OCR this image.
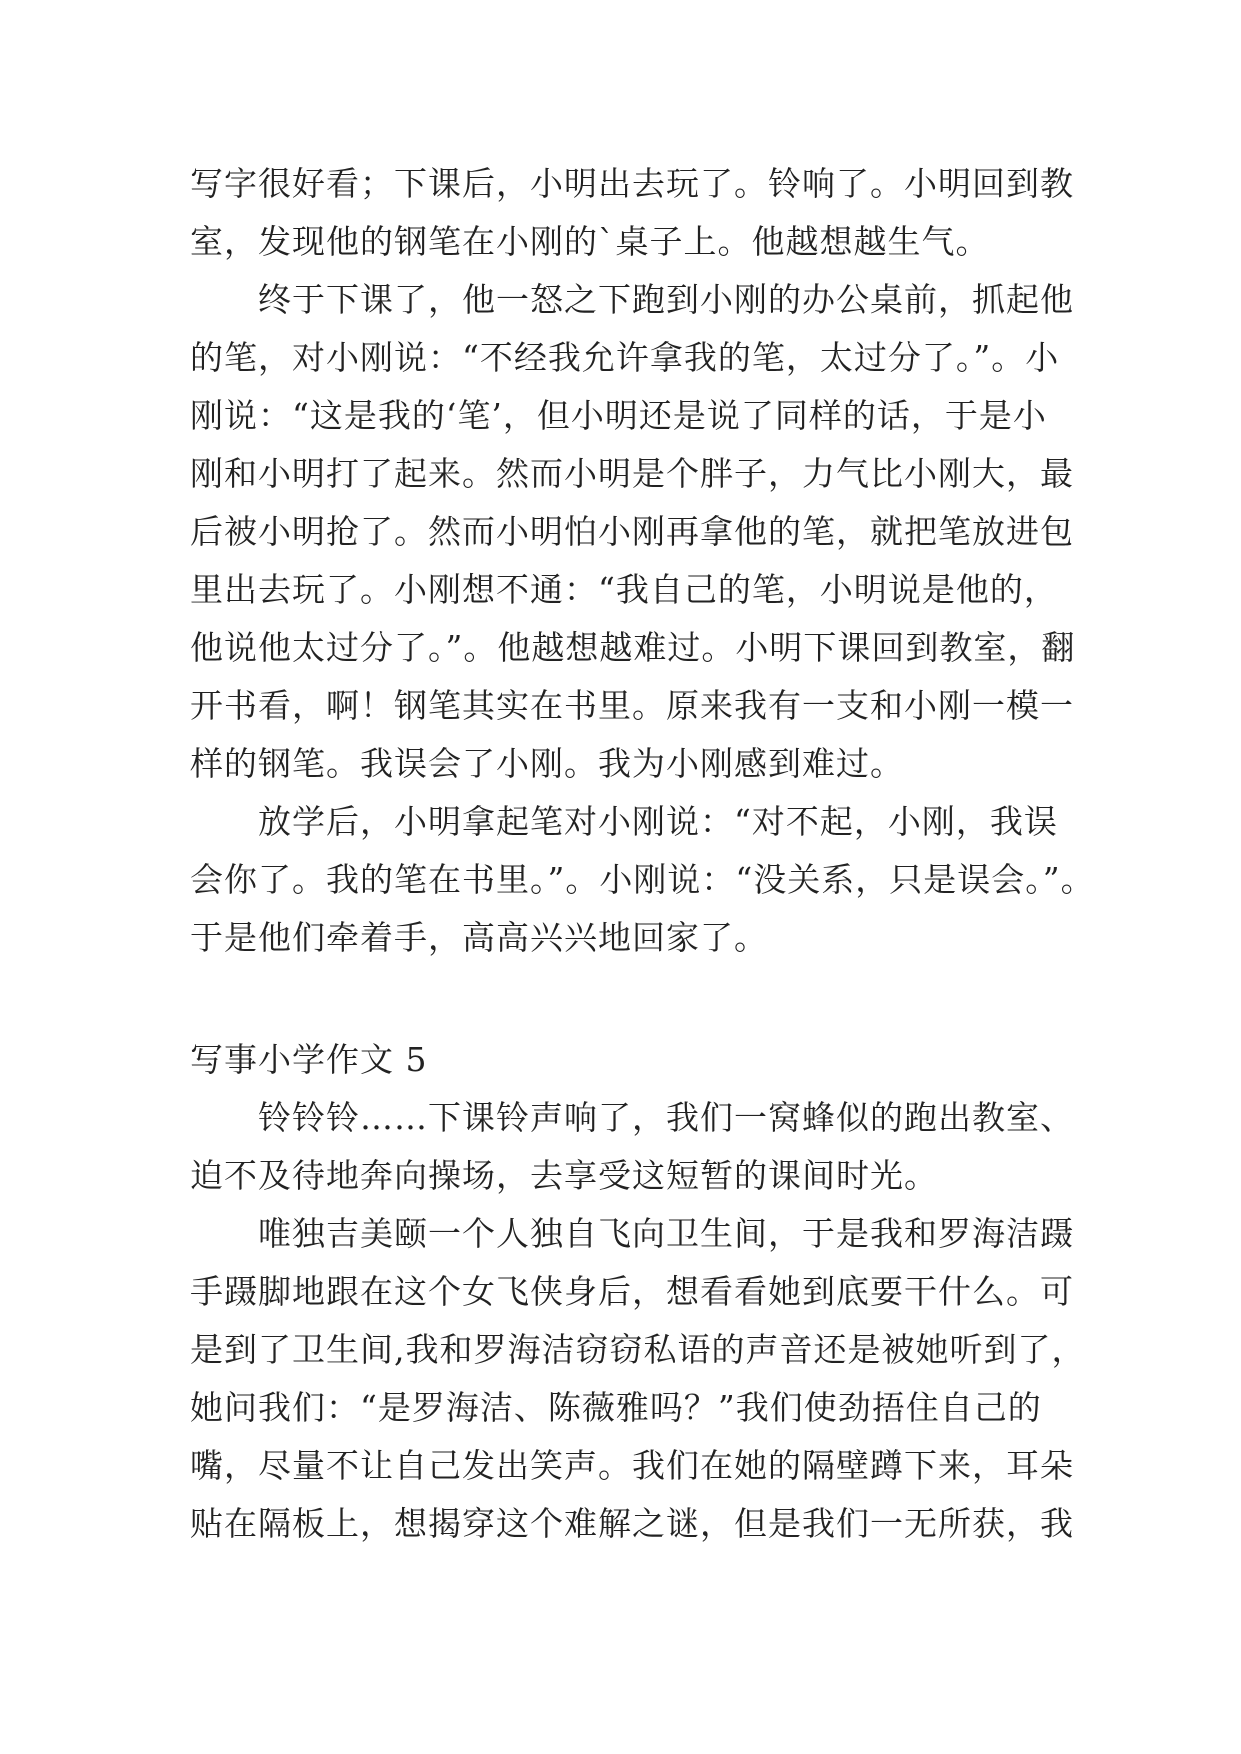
写字很好看；下课后，小明出去玩了。铃响了。小明回到教
室，发现他的钢笔在小刚的`桌子上。他越想越生气。
　　终于下课了，他一怒之下跑到小刚的办公桌前，抓起他
的笔，对小刚说：“不经我允许拿我的笔，太过分了。”。小
刚说：“这是我的‘笔’，但小明还是说了同样的话，于是小
刚和小明打了起来。然而小明是个胖子，力气比小刚大，最
后被小明抢了。然而小明怕小刚再拿他的笔，就把笔放进包
里出去玩了。小刚想不通：“我自己的笔，小明说是他的，
他说他太过分了。”。他越想越难过。小明下课回到教室，翻
开书看，啊！钢笔其实在书里。原来我有一支和小刚一模一
样的钢笔。我误会了小刚。我为小刚感到难过。
　　放学后，小明拿起笔对小刚说：“对不起，小刚，我误
会你了。我的笔在书里。”。小刚说：“没关系，只是误会。”。
于是他们牵着手，高高兴兴地回家了。
写事小学作文 5
　　铃铃铃……下课铃声响了，我们一窝蜂似的跑出教室、
迫不及待地奔向操场，去享受这短暂的课间时光。
　　唯独吉美颐一个人独自飞向卫生间，于是我和罗海洁蹑
手蹑脚地跟在这个女飞侠身后，想看看她到底要干什么。可
是到了卫生间,我和罗海洁窃窃私语的声音还是被她听到了，
她问我们：“是罗海洁、陈薇雅吗？”我们使劲捂住自己的
嘴，尽量不让自己发出笑声。我们在她的隔壁蹲下来，耳朵
贴在隔板上，想揭穿这个难解之谜，但是我们一无所获，我
